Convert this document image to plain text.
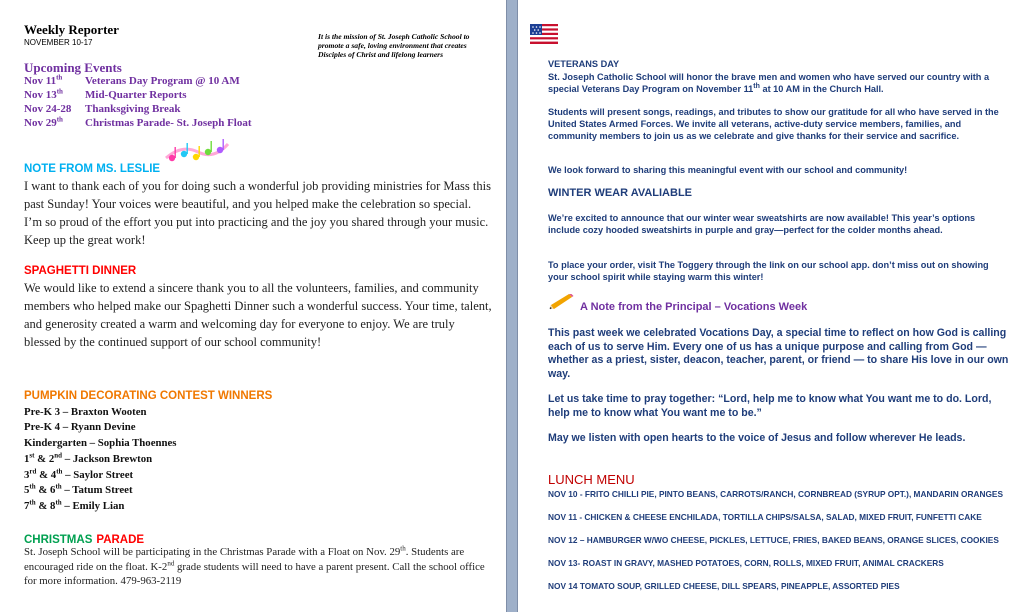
Weekly Reporter
NOVEMBER 10-17
It is the mission of St. Joseph Catholic School to promote a safe, loving environment that creates Disciples of Christ and lifelong learners
Upcoming Events
Nov 11th Veterans Day Program @ 10 AM
Nov 13th Mid-Quarter Reports
Nov 24-28 Thanksgiving Break
Nov 29th Christmas Parade- St. Joseph Float
NOTE FROM MS. LESLIE
I want to thank each of you for doing such a wonderful job providing ministries for Mass this past Sunday! Your voices were beautiful, and you helped make the celebration so special. I’m so proud of the effort you put into practicing and the joy you shared through your music. Keep up the great work!
SPAGHETTI DINNER
We would like to extend a sincere thank you to all the volunteers, families, and community members who helped make our Spaghetti Dinner such a wonderful success. Your time, talent, and generosity created a warm and welcoming day for everyone to enjoy. We are truly blessed by the continued support of our school community!
PUMPKIN DECORATING CONTEST WINNERS
Pre-K 3 – Braxton Wooten
Pre-K 4 – Ryann Devine
Kindergarten – Sophia Thoennes
1st & 2nd – Jackson Brewton
3rd & 4th – Saylor Street
5th & 6th – Tatum Street
7th & 8th – Emily Lian
CHRISTMAS PARADE
St. Joseph School will be participating in the Christmas Parade with a Float on Nov. 29th. Students are encouraged ride on the float. K-2nd grade students will need to have a parent present. Call the school office for more information. 479-963-2119
VETERANS DAY
St. Joseph Catholic School will honor the brave men and women who have served our country with a special Veterans Day Program on November 11th at 10 AM in the Church Hall.
Students will present songs, readings, and tributes to show our gratitude for all who have served in the United States Armed Forces. We invite all veterans, active-duty service members, families, and community members to join us as we celebrate and give thanks for their service and sacrifice.
We look forward to sharing this meaningful event with our school and community!
WINTER WEAR AVALIABLE
We’re excited to announce that our winter wear sweatshirts are now available! This year’s options include cozy hooded sweatshirts in purple and gray—perfect for the colder months ahead.
To place your order, visit The Toggery through the link on our school app. don’t miss out on showing your school spirit while staying warm this winter!
A Note from the Principal – Vocations Week
This past week we celebrated Vocations Day, a special time to reflect on how God is calling each of us to serve Him. Every one of us has a unique purpose and calling from God — whether as a priest, sister, deacon, teacher, parent, or friend — to share His love in our own way.
Let us take time to pray together: “Lord, help me to know what You want me to do. Lord, help me to know what You want me to be.”
May we listen with open hearts to the voice of Jesus and follow wherever He leads.
LUNCH MENU
NOV 10 - FRITO CHILLI PIE, PINTO BEANS, CARROTS/RANCH, CORNBREAD (SYRUP OPT.), MANDARIN ORANGES
NOV 11 - CHICKEN & CHEESE ENCHILADA, TORTILLA CHIPS/SALSA, SALAD, MIXED FRUIT, FUNFETTI CAKE
NOV 12 – HAMBURGER W/WO CHEESE, PICKLES, LETTUCE, FRIES, BAKED BEANS, ORANGE SLICES, COOKIES
NOV 13- ROAST IN GRAVY, MASHED POTATOES, CORN, ROLLS, MIXED FRUIT, ANIMAL CRACKERS
NOV 14 TOMATO SOUP, GRILLED CHEESE, DILL SPEARS, PINEAPPLE, ASSORTED PIES
